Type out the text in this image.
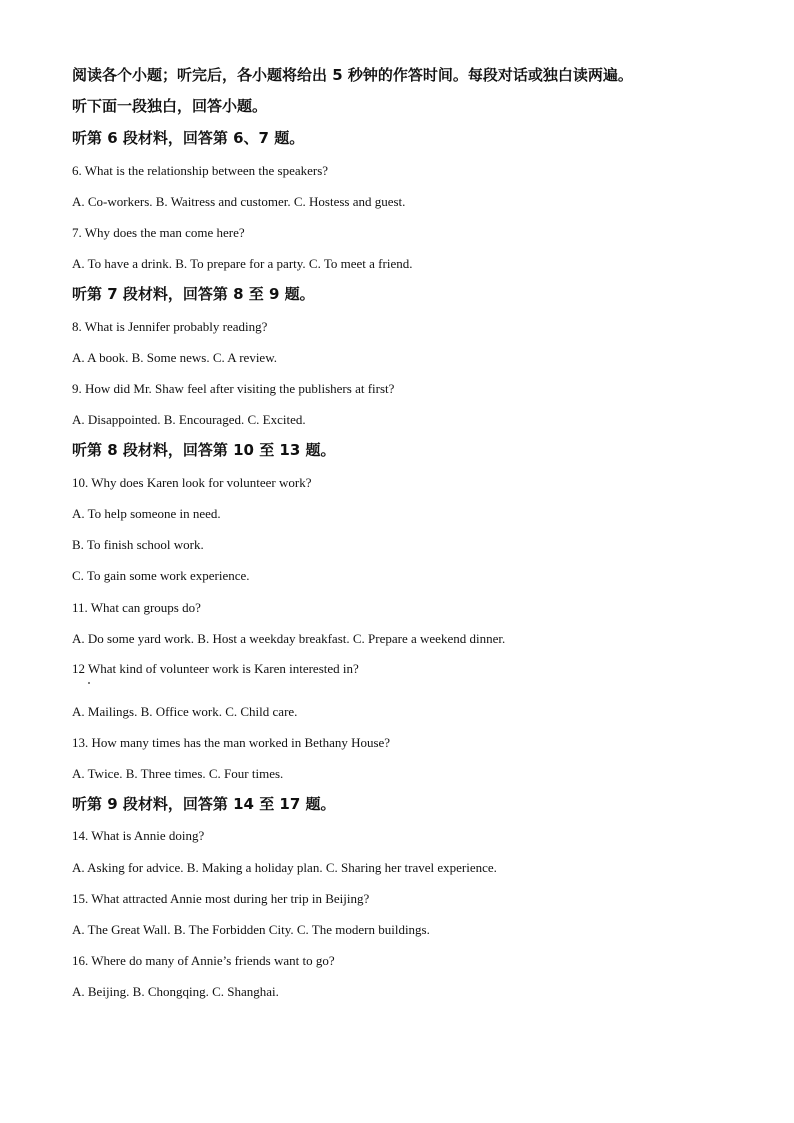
阅读各个小题；听完后，各小题将给出 5 秒钟的作答时间。每段对话或独白读两遍。
听下面一段独白，回答小题。
听第 6 段材料，回答第 6、7 题。
6. What is the relationship between the speakers?
A. Co-workers. B. Waitress and customer. C. Hostess and guest.
7. Why does the man come here?
A. To have a drink. B. To prepare for a party. C. To meet a friend.
听第 7 段材料，回答第 8 至 9 题。
8. What is Jennifer probably reading?
A. A book. B. Some news. C. A review.
9. How did Mr. Shaw feel after visiting the publishers at first?
A. Disappointed. B. Encouraged. C. Excited.
听第 8 段材料，回答第 10 至 13 题。
10. Why does Karen look for volunteer work?
A. To help someone in need.
B. To finish school work.
C. To gain some work experience.
11. What can groups do?
A. Do some yard work. B. Host a weekday breakfast. C. Prepare a weekend dinner.
12 What kind of volunteer work is Karen interested in?
A. Mailings. B. Office work. C. Child care.
13. How many times has the man worked in Bethany House?
A. Twice. B. Three times. C. Four times.
听第 9 段材料，回答第 14 至 17 题。
14. What is Annie doing?
A. Asking for advice. B. Making a holiday plan. C. Sharing her travel experience.
15. What attracted Annie most during her trip in Beijing?
A. The Great Wall. B. The Forbidden City. C. The modern buildings.
16. Where do many of Annie’s friends want to go?
A. Beijing. B. Chongqing. C. Shanghai.
